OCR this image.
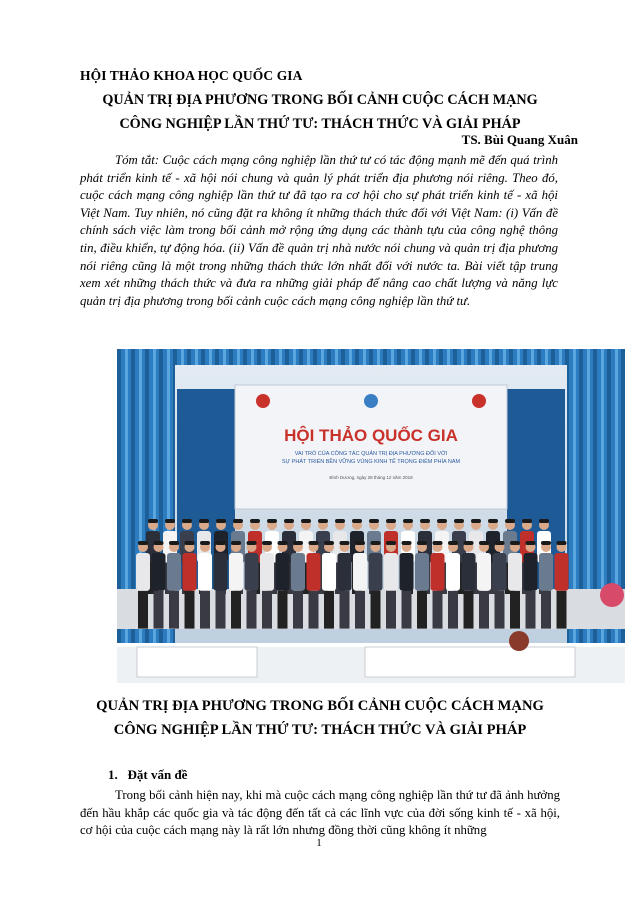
HỘI THẢO KHOA HỌC QUỐC GIA
QUẢN TRỊ ĐỊA PHƯƠNG TRONG BỐI CẢNH CUỘC CÁCH MẠNG
CÔNG NGHIỆP LẦN THỨ TƯ: THÁCH THỨC VÀ GIẢI PHÁP
TS. Bùi Quang Xuân
Tóm tắt: Cuộc cách mạng công nghiệp lần thứ tư có tác động mạnh mẽ đến quá trình phát triển kinh tế - xã hội nói chung và quản lý phát triển địa phương nói riêng. Theo đó, cuộc cách mạng công nghiệp lần thứ tư đã tạo ra cơ hội cho sự phát triển kinh tế - xã hội Việt Nam. Tuy nhiên, nó cũng đặt ra không ít những thách thức đối với Việt Nam: (i) Vấn đề chính sách việc làm trong bối cảnh mở rộng ứng dụng các thành tựu của công nghệ thông tin, điều khiển, tự động hóa. (ii) Vấn đề quản trị nhà nước nói chung và quản trị địa phương nói riêng cũng là một trong những thách thức lớn nhất đối với nước ta. Bài viết tập trung xem xét những thách thức và đưa ra những giải pháp để nâng cao chất lượng và năng lực quản trị địa phương trong bối cảnh cuộc cách mạng công nghiệp lần thứ tư.
HỘI THẢO QUỐC GIA
VAI TRÒ CỦA CÔNG TÁC QUẢN TRỊ ĐỊA PHƯƠNG ĐỐI VỚI
SỰ PHÁT TRIỂN BỀN VỮNG VÙNG KINH TẾ TRỌNG ĐIỂM PHÍA NAM
Bình Dương, ngày 28 tháng 12 năm 2018
QUẢN TRỊ ĐỊA PHƯƠNG TRONG BỐI CẢNH CUỘC CÁCH MẠNG
CÔNG NGHIỆP LẦN THỨ TƯ: THÁCH THỨC VÀ GIẢI PHÁP
1. Đặt vấn đề
Trong bối cảnh hiện nay, khi mà cuộc cách mạng công nghiệp lần thứ tư đã ảnh hưởng đến hầu khắp các quốc gia và tác động đến tất cả các lĩnh vực của đời sống kinh tế - xã hội, cơ hội của cuộc cách mạng này là rất lớn nhưng đồng thời cũng không ít những
1
